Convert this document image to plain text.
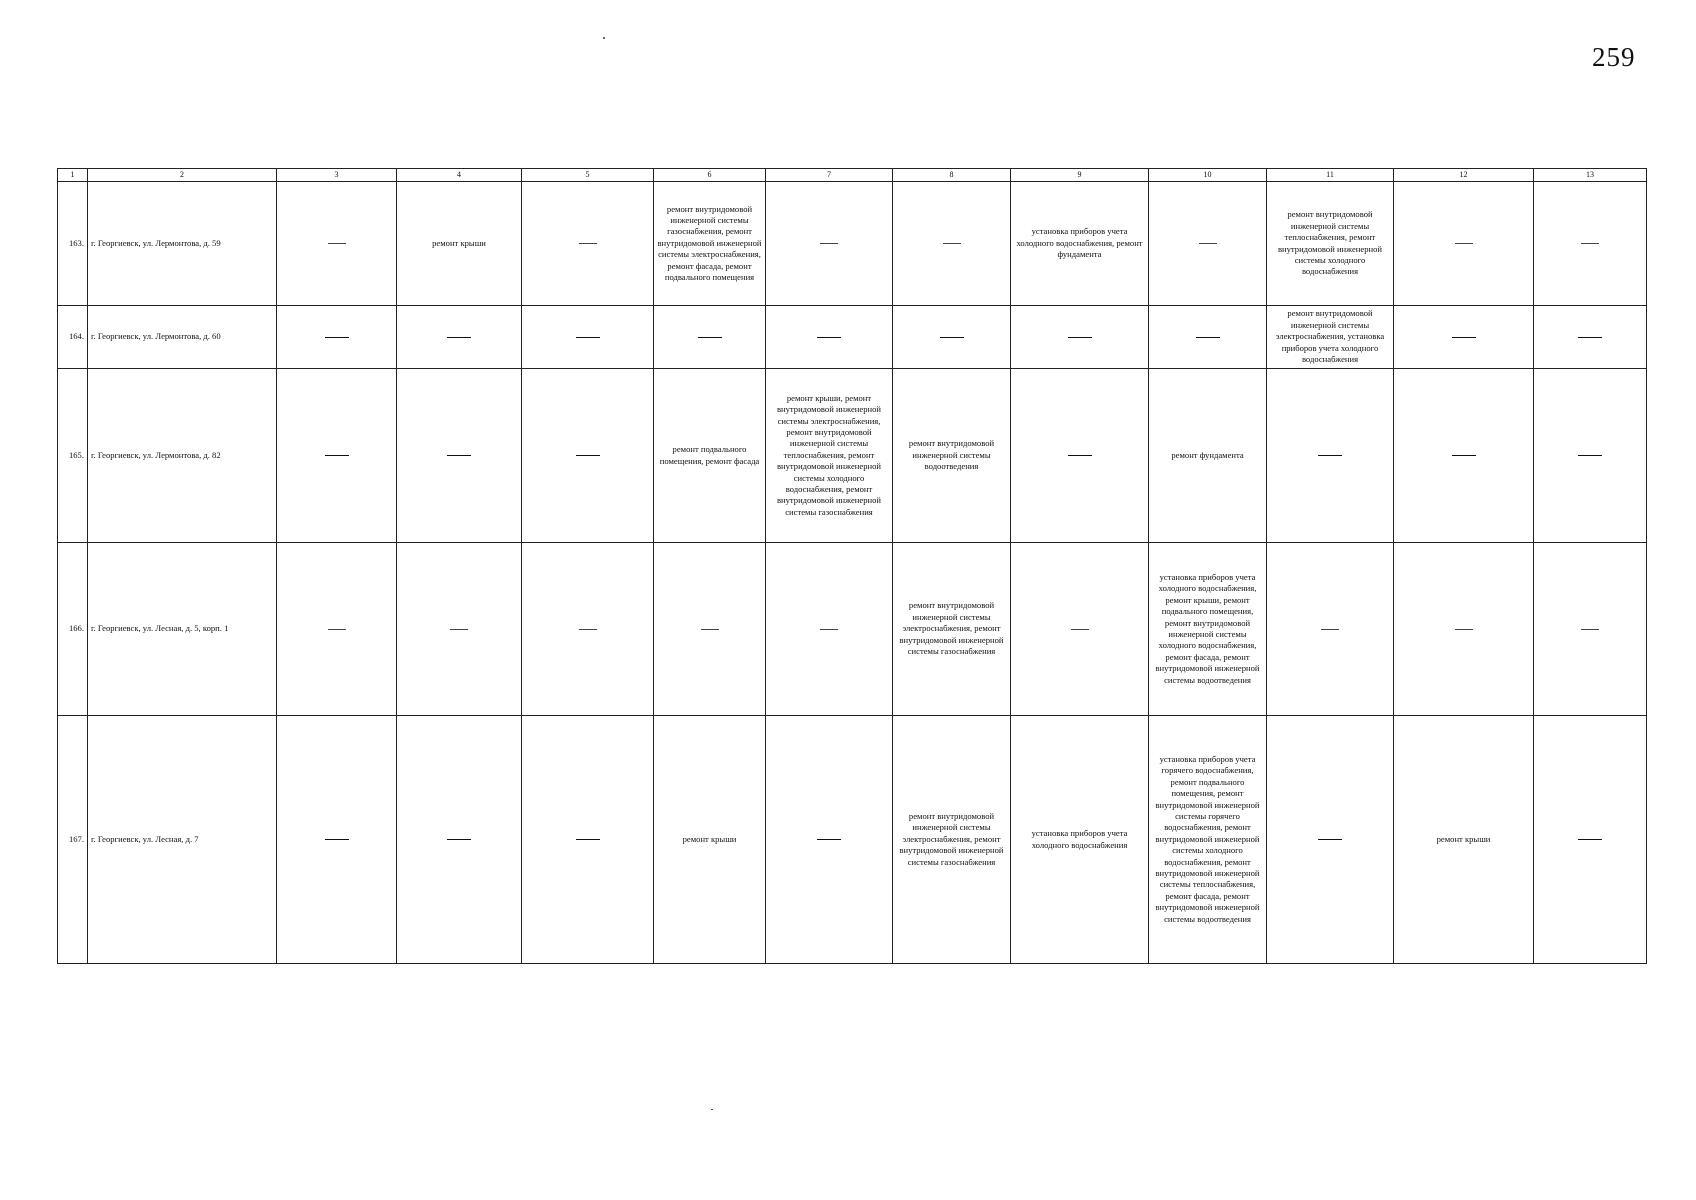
259
1	2	3	4	5	6	7	8	9	10	11	12	13
163.	г. Георгиевск, ул. Лермонтова, д. 59		ремонт крыши		ремонт внутридомовой инженерной системы газоснабжения, ремонт внутридомовой инженерной системы электроснабжения, ремонт фасада, ремонт подвального помещения			установка приборов учета холодного водоснабжения, ремонт фундамента		ремонт внутридомовой инженерной системы теплоснабжения, ремонт внутридомовой инженерной системы холодного водоснабжения		

164.	г. Георгиевск, ул. Лермонтова, д. 60									ремонт внутридомовой инженерной системы электроснабжения, установка приборов учета холодного водоснабжения		

165.	г. Георгиевск, ул. Лермонтова, д. 82				ремонт подвального помещения, ремонт фасада	ремонт крыши, ремонт внутридомовой инженерной системы электроснабжения, ремонт внутридомовой инженерной системы теплоснабжения, ремонт внутридомовой инженерной системы холодного водоснабжения, ремонт внутридомовой инженерной системы газоснабжения	ремонт внутридомовой инженерной системы водоотведения		ремонт фундамента			

166.	г. Георгиевск, ул. Лесная, д. 5, корп. 1						ремонт внутридомовой инженерной системы электроснабжения, ремонт внутридомовой инженерной системы газоснабжения		установка приборов учета холодного водоснабжения, ремонт крыши, ремонт подвального помещения, ремонт внутридомовой инженерной системы холодного водоснабжения, ремонт фасада, ремонт внутридомовой инженерной системы водоотведения			

167.	г. Георгиевск, ул. Лесная, д. 7				ремонт крыши		ремонт внутридомовой инженерной системы электроснабжения, ремонт внутридомовой инженерной системы газоснабжения	установка приборов учета холодного водоснабжения	установка приборов учета горячего водоснабжения, ремонт подвального помещения, ремонт внутридомовой инженерной системы горячего водоснабжения, ремонт внутридомовой инженерной системы холодного водоснабжения, ремонт внутридомовой инженерной системы теплоснабжения, ремонт фасада, ремонт внутридомовой инженерной системы водоотведения		ремонт крыши	
